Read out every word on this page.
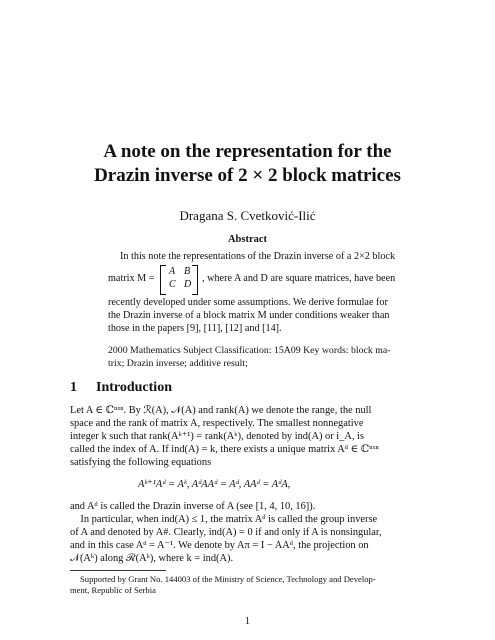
A note on the representation for the
Drazin inverse of 2 × 2 block matrices
Dragana S. Cvetković-Ilić
Abstract
In this note the representations of the Drazin inverse of a 2×2 block
matrix M =
A B
C D
, where A and D are square matrices, have been
recently developed under some assumptions. We derive formulae for
the Drazin inverse of a block matrix M under conditions weaker than
those in the papers [9], [11], [12] and [14].
2000 Mathematics Subject Classification: 15A09 Key words: block ma-
trix; Drazin inverse; additive result;
1 Introduction
Let A ∈ ℂⁿˣⁿ. By ℛ(A), 𝒩(A) and rank(A) we denote the range, the null
space and the rank of matrix A, respectively. The smallest nonnegative
integer k such that rank(Aᵏ⁺¹) = rank(Aᵏ), denoted by ind(A) or i_A, is
called the index of A. If ind(A) = k, there exists a unique matrix Aᵈ ∈ ℂⁿˣⁿ
satisfying the following equations
Aᵏ⁺¹Aᵈ = Aᵏ, AᵈAAᵈ = Aᵈ, AAᵈ = AᵈA,
and Aᵈ is called the Drazin inverse of A (see [1, 4, 10, 16]).
In particular, when ind(A) ≤ 1, the matrix Aᵈ is called the group inverse
of A and denoted by A#. Clearly, ind(A) = 0 if and only if A is nonsingular,
and in this case Aᵈ = A⁻¹. We denote by Aπ = I − AAᵈ, the projection on
𝒩(Aᵏ) along ℛ(Aᵏ), where k = ind(A).
Supported by Grant No. 144003 of the Ministry of Science, Technology and Develop-
ment, Republic of Serbia
1
